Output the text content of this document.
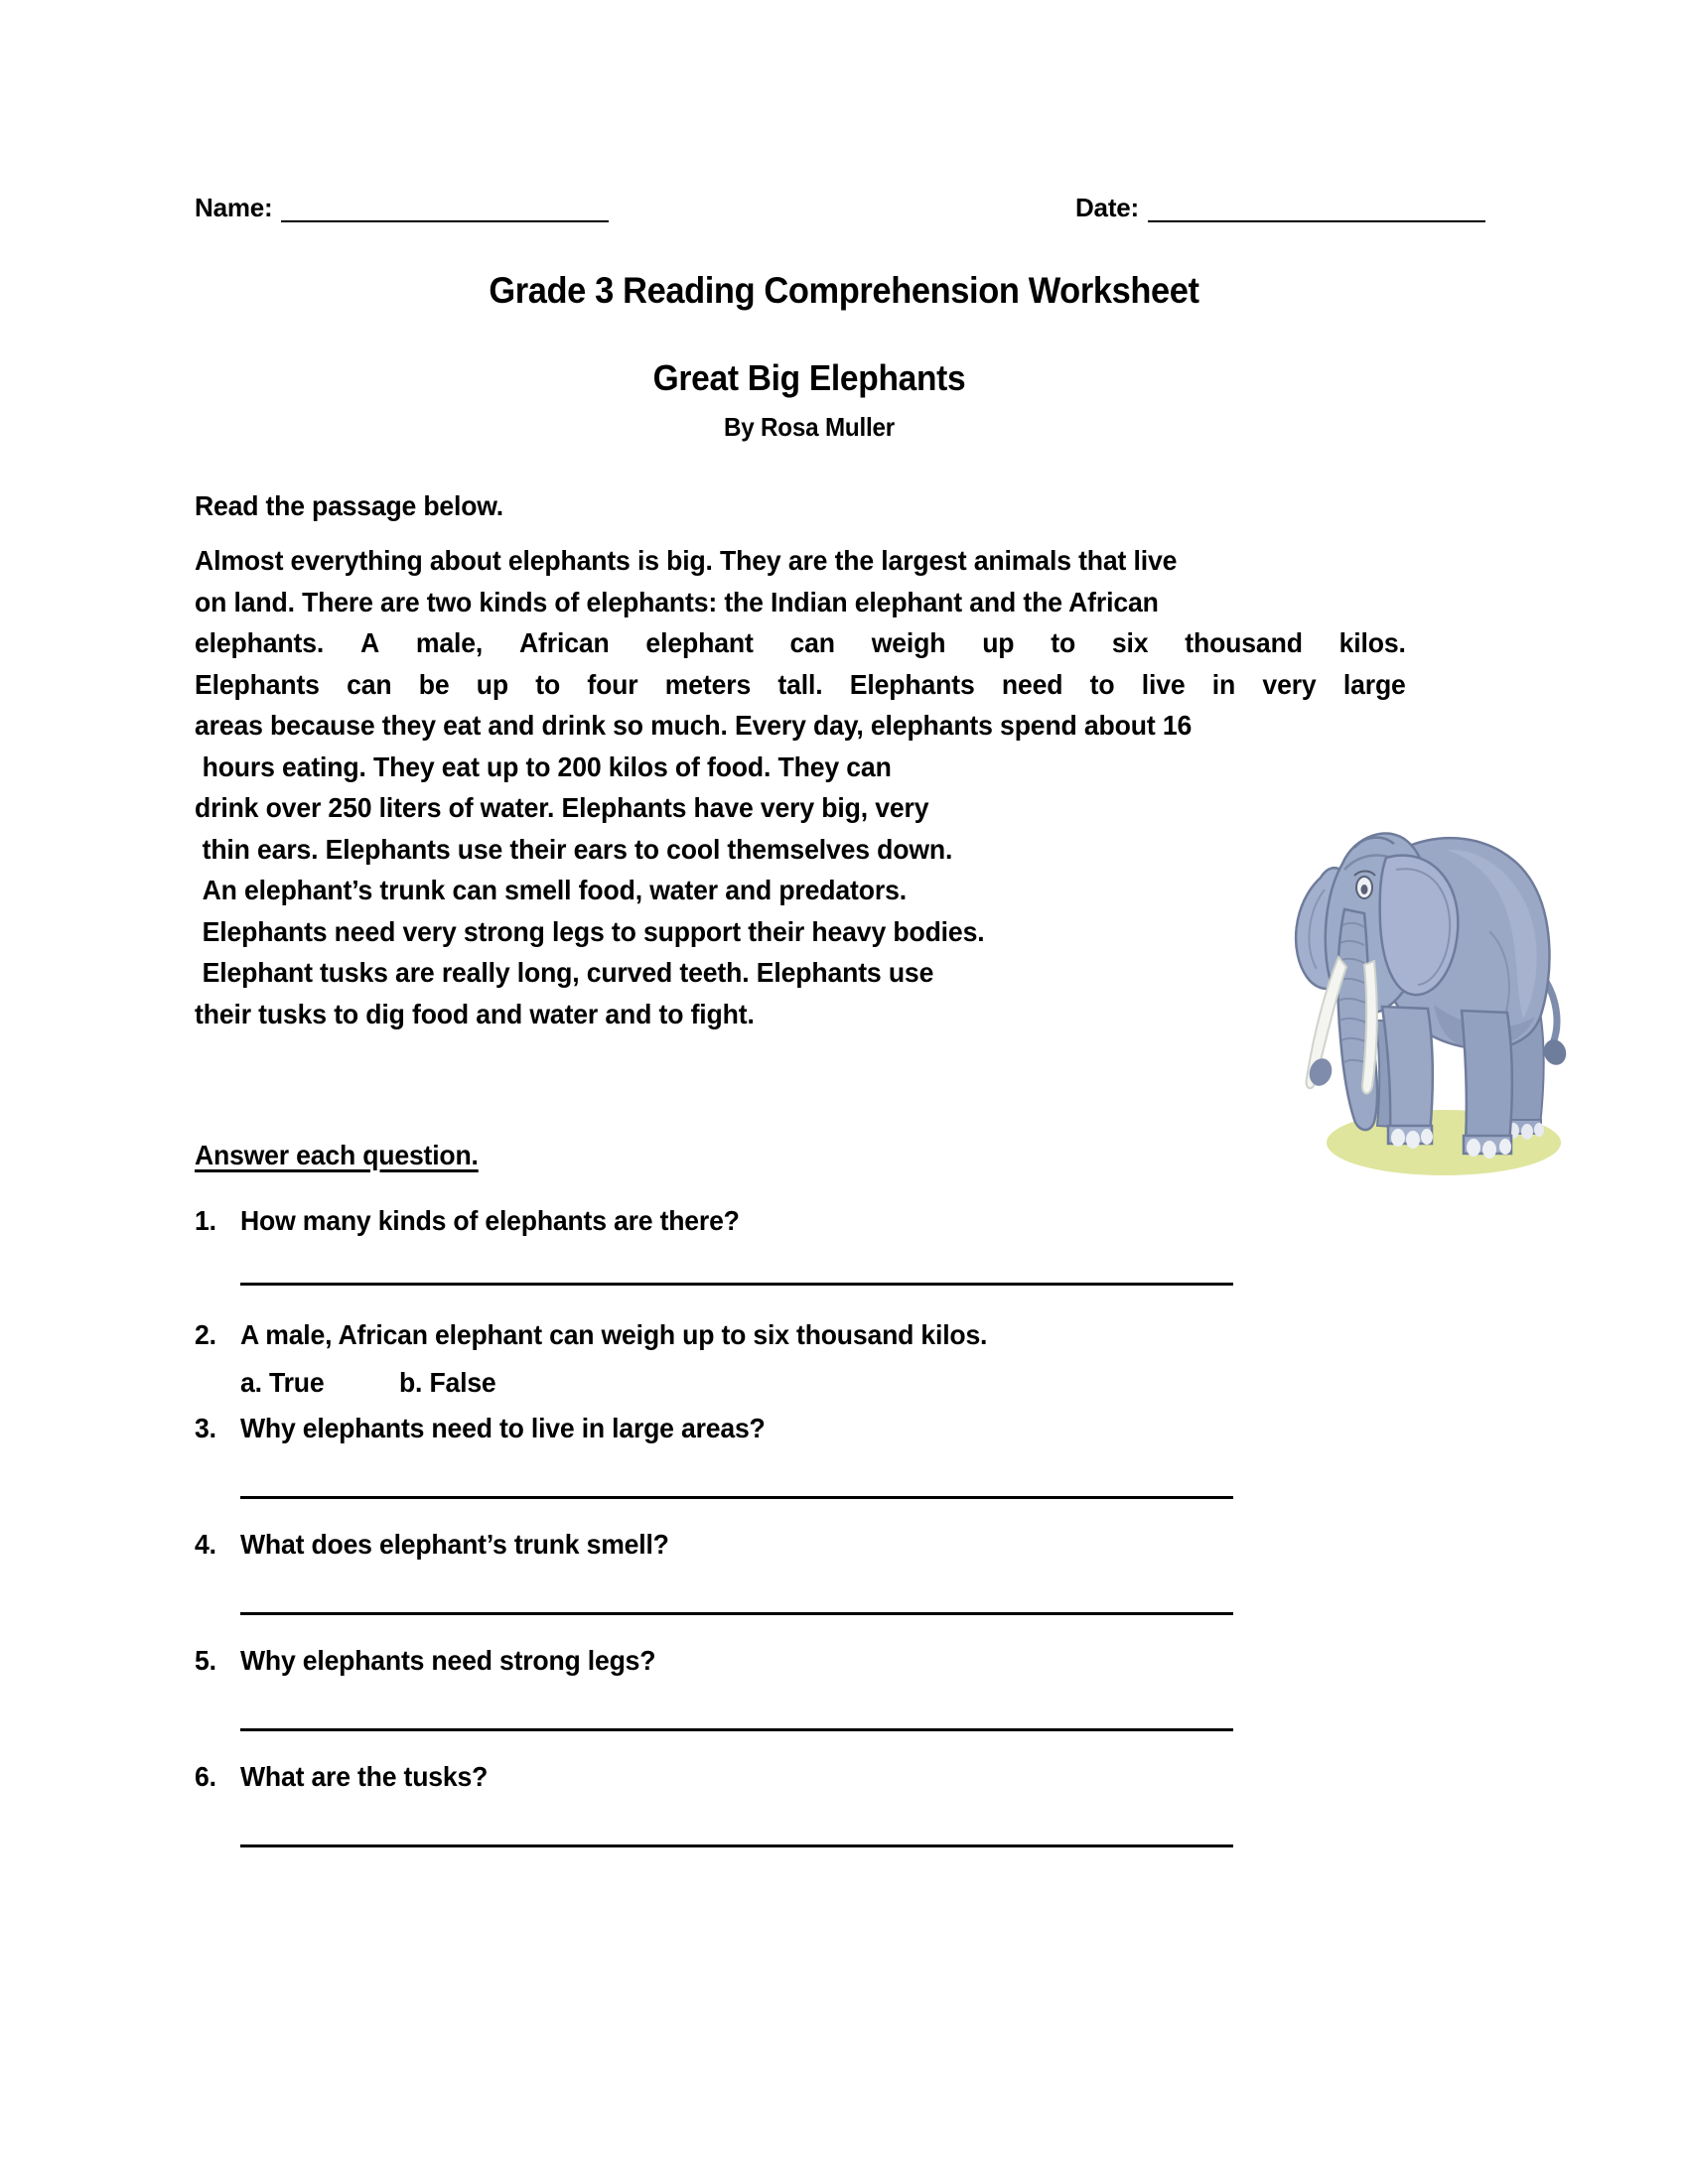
Name:	Date:
Grade 3 Reading Comprehension Worksheet
Great Big Elephants
By Rosa Muller
Read the passage below.
Almost everything about elephants is big. They are the largest animals that live
on land. There are two kinds of elephants: the Indian elephant and the African
elephants. A male, African elephant can weigh up to six thousand kilos.
Elephants can be up to four meters tall. Elephants need to live in very large
areas because they eat and drink so much. Every day, elephants spend about 16
hours eating. They eat up to 200 kilos of food. They can
drink over 250 liters of water. Elephants have very big, very
thin ears. Elephants use their ears to cool themselves down.
An elephant’s trunk can smell food, water and predators.
Elephants need very strong legs to support their heavy bodies.
Elephant tusks are really long, curved teeth. Elephants use
their tusks to dig food and water and to fight.
Answer each question.
1. How many kinds of elephants are there?
2. A male, African elephant can weigh up to six thousand kilos.
a. True	b. False
3. Why elephants need to live in large areas?
4. What does elephant’s trunk smell?
5. Why elephants need strong legs?
6. What are the tusks?
